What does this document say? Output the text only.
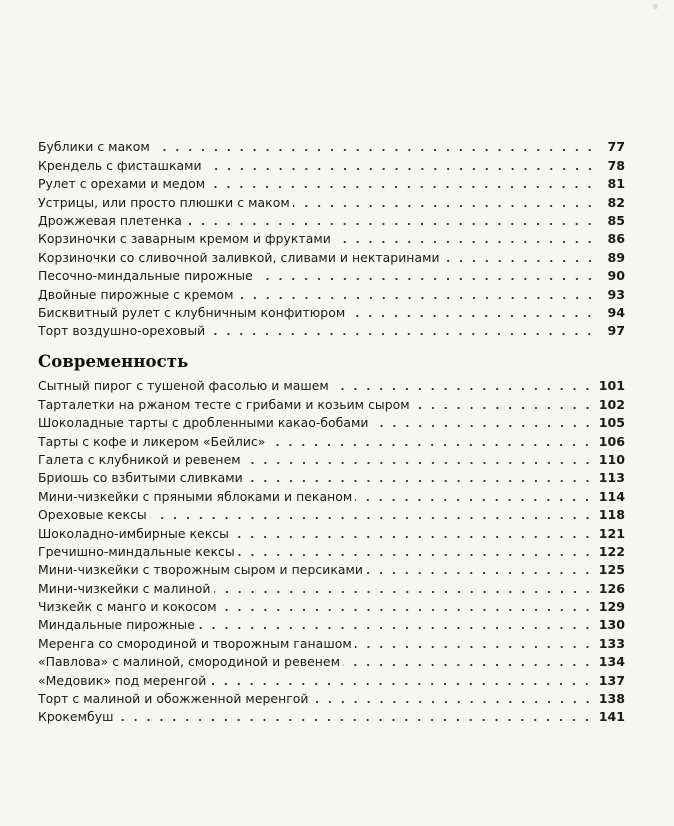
Бублики с маком	77
Крендель с фисташками	78
Рулет с орехами и медом	81
Устрицы, или просто плюшки с маком	82
Дрожжевая плетенка	85
Корзиночки с заварным кремом и фруктами	86
Корзиночки со сливочной заливкой, сливами и нектаринами	89
Песочно-миндальные пирожные	90
Двойные пирожные с кремом	93
Бисквитный рулет с клубничным конфитюром	94
Торт воздушно-ореховый	97
Современность
Сытный пирог с тушеной фасолью и машем	101
Тарталетки на ржаном тесте с грибами и козьим сыром	102
Шоколадные тарты с дробленными какао-бобами	105
Тарты с кофе и ликером «Бейлис»	106
Галета с клубникой и ревенем	110
Бриошь со взбитыми сливками	113
Мини-чизкейки с пряными яблоками и пеканом	114
Ореховые кексы	118
Шоколадно-имбирные кексы	121
Гречишно-миндальные кексы	122
Мини-чизкейки с творожным сыром и персиками	125
Мини-чизкейки с малиной	126
Чизкейк с манго и кокосом	129
Миндальные пирожные	130
Меренга со смородиной и творожным ганашом	133
«Павлова» с малиной, смородиной и ревенем	134
«Медовик» под меренгой	137
Торт с малиной и обожженной меренгой	138
Крокембуш	141
